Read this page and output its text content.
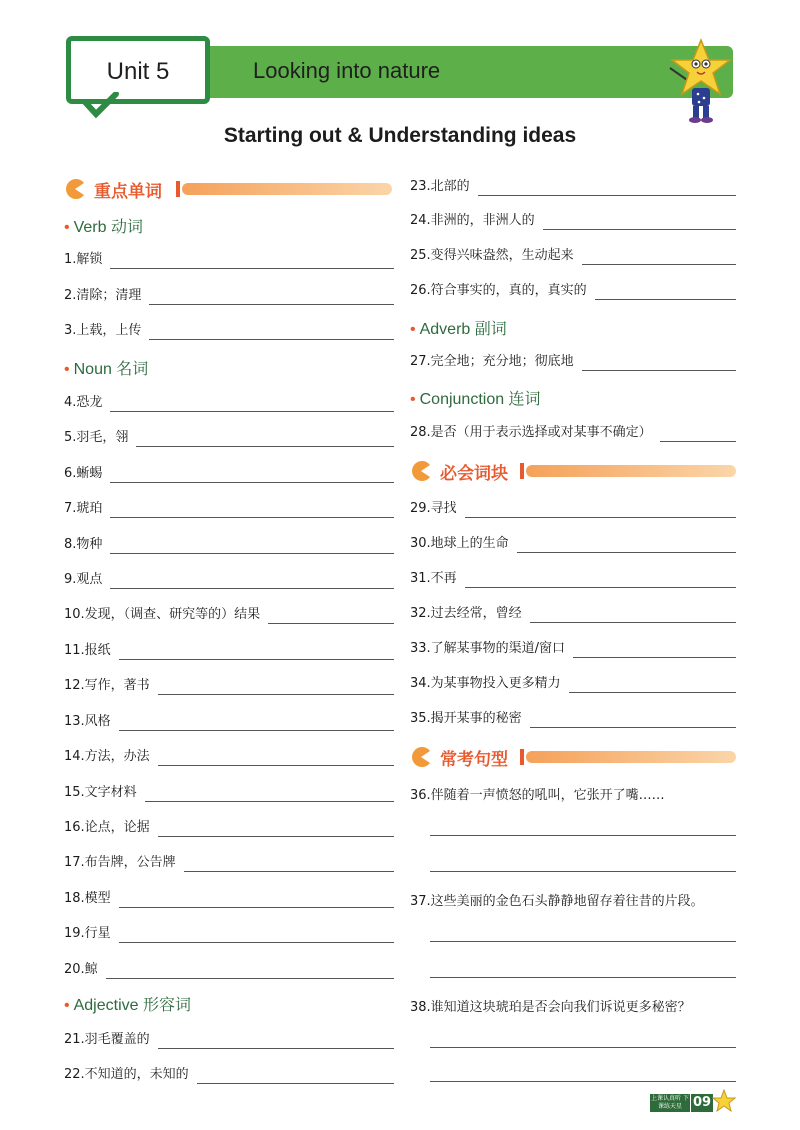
Looking into nature
Unit 5
Starting out & Understanding ideas
重点单词
• Verb 动词
1.解锁
2.清除；清理
3.上载，上传
• Noun 名词
4.恐龙
5.羽毛，翎
6.蜥蜴
7.琥珀
8.物种
9.观点
10.发现，（调查、研究等的）结果
11.报纸
12.写作，著书
13.风格
14.方法，办法
15.文字材料
16.论点，论据
17.布告牌，公告牌
18.模型
19.行星
20.鲸
• Adjective 形容词
21.羽毛覆盖的
22.不知道的，未知的
23.北部的
24.非洲的，非洲人的
25.变得兴味盎然，生动起来
26.符合事实的，真的，真实的
• Adverb 副词
27.完全地；充分地；彻底地
• Conjunction 连词
28.是否（用于表示选择或对某事不确定）
必会词块
29.寻找
30.地球上的生命
31.不再
32.过去经常，曾经
33.了解某事物的渠道/窗口
34.为某事物投入更多精力
35.揭开某事的秘密
常考句型
36.伴随着一声愤怒的吼叫，它张开了嘴……
37.这些美丽的金色石头静静地留存着往昔的片段。
38.谁知道这块琥珀是否会向我们诉说更多秘密？
上课认真听 下课练天星 09
